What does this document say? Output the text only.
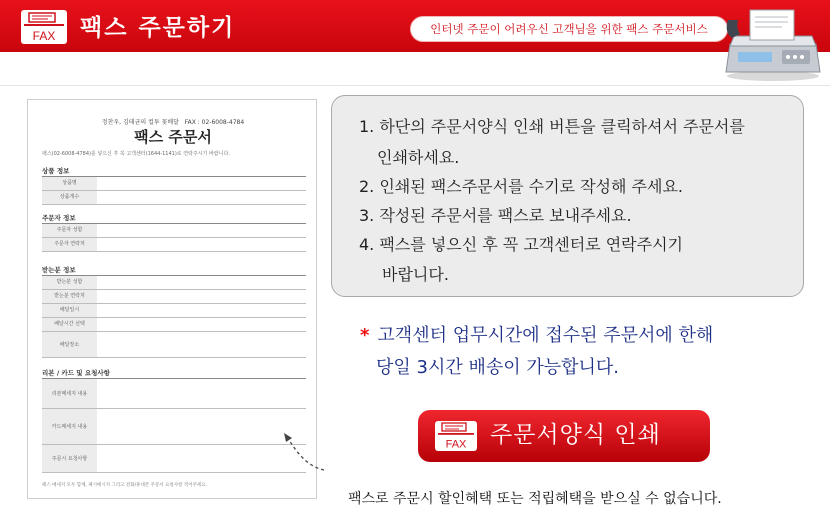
FAX 팩스 주문하기	인터넷 주문이 어려우신 고객님을 위한 팩스 주문서비스
정찬우, 김태균의 컬투 꽃배달 FAX : 02-6008-4784
팩스 주문서
팩스(02-6008-4784)를 넣으신 후 꼭 고객센터(1644-1141)로 연락주시기 바랍니다.
상품 정보
상품명
상품개수
주문자 정보
주문자 성함
주문자 연락처
받는분 정보
받는분 성함
받는분 연락처
배달일시
배달시간 선택
배달장소
리본 / 카드 및 요청사항
리본메세지 내용
카드메세지 내용
주문시 요청사항
팩스 메세지 모두 함께, 팩시메시지 그리고 전화/휴대폰 주문서 요청사항 적어주세요.
1. 하단의 주문서양식 인쇄 버튼을 클릭하셔서 주문서를
인쇄하세요.
2. 인쇄된 팩스주문서를 수기로 작성해 주세요.
3. 작성된 주문서를 팩스로 보내주세요.
4. 팩스를 넣으신 후 꼭 고객센터로 연락주시기
바랍니다.
* 고객센터 업무시간에 접수된 주문서에 한해
당일 3시간 배송이 가능합니다.
FAX 주문서양식 인쇄
팩스로 주문시 할인혜택 또는 적립혜택을 받으실 수 없습니다.
